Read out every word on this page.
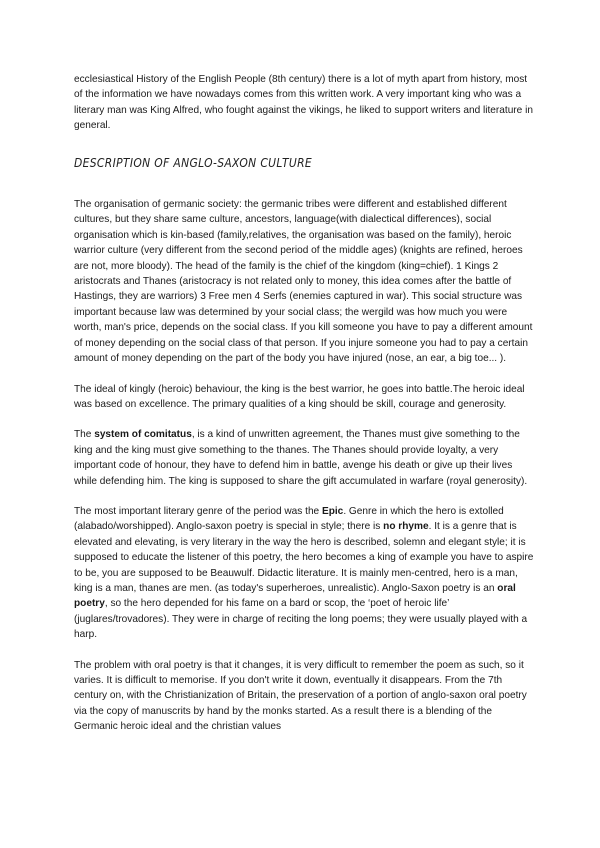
ecclesiastical History of the English People (8th century) there is a lot of myth apart from history, most of the information we have nowadays comes from this written work. A very important king who was a literary man was King Alfred, who fought against the vikings, he liked to support writers and literature in general.

DESCRIPTION OF ANGLO-SAXON CULTURE

The organisation of germanic society: the germanic tribes were different and established different cultures, but they share same culture, ancestors, language(with dialectical differences), social organisation which is kin-based (family,relatives, the organisation was based on the family), heroic warrior culture (very different from the second period of the middle ages) (knights are refined, heroes are not, more bloody). The head of the family is the chief of the kingdom (king=chief). 1 Kings 2 aristocrats and Thanes (aristocracy is not related only to money, this idea comes after the battle of Hastings, they are warriors) 3 Free men 4 Serfs (enemies captured in war). This social structure was important because law was determined by your social class; the wergild was how much you were worth, man's price, depends on the social class. If you kill someone you have to pay a different amount of money depending on the social class of that person. If you injure someone you had to pay a certain amount of money depending on the part of the body you have injured (nose, an ear, a big toe... ).

The ideal of kingly (heroic) behaviour, the king is the best warrior, he goes into battle.The heroic ideal was based on excellence. The primary qualities of a king should be skill, courage and generosity.

The system of comitatus, is a kind of unwritten agreement, the Thanes must give something to the king and the king must give something to the thanes. The Thanes should provide loyalty, a very important code of honour, they have to defend him in battle, avenge his death or give up their lives while defending him. The king is supposed to share the gift accumulated in warfare (royal generosity).

The most important literary genre of the period was the Epic. Genre in which the hero is extolled (alabado/worshipped). Anglo-saxon poetry is special in style; there is no rhyme. It is a genre that is elevated and elevating, is very literary in the way the hero is described, solemn and elegant style; it is supposed to educate the listener of this poetry, the hero becomes a king of example you have to aspire to be, you are supposed to be Beauwulf. Didactic literature. It is mainly men-centred, hero is a man, king is a man, thanes are men. (as today's superheroes, unrealistic). Anglo-Saxon poetry is an oral poetry, so the hero depended for his fame on a bard or scop, the ‘poet of heroic life’ (juglares/trovadores). They were in charge of reciting the long poems; they were usually played with a harp.

The problem with oral poetry is that it changes, it is very difficult to remember the poem as such, so it varies. It is difficult to memorise. If you don't write it down, eventually it disappears. From the 7th century on, with the Christianization of Britain, the preservation of a portion of anglo-saxon oral poetry via the copy of manuscrits by hand by the monks started. As a result there is a blending of the Germanic heroic ideal and the christian values
